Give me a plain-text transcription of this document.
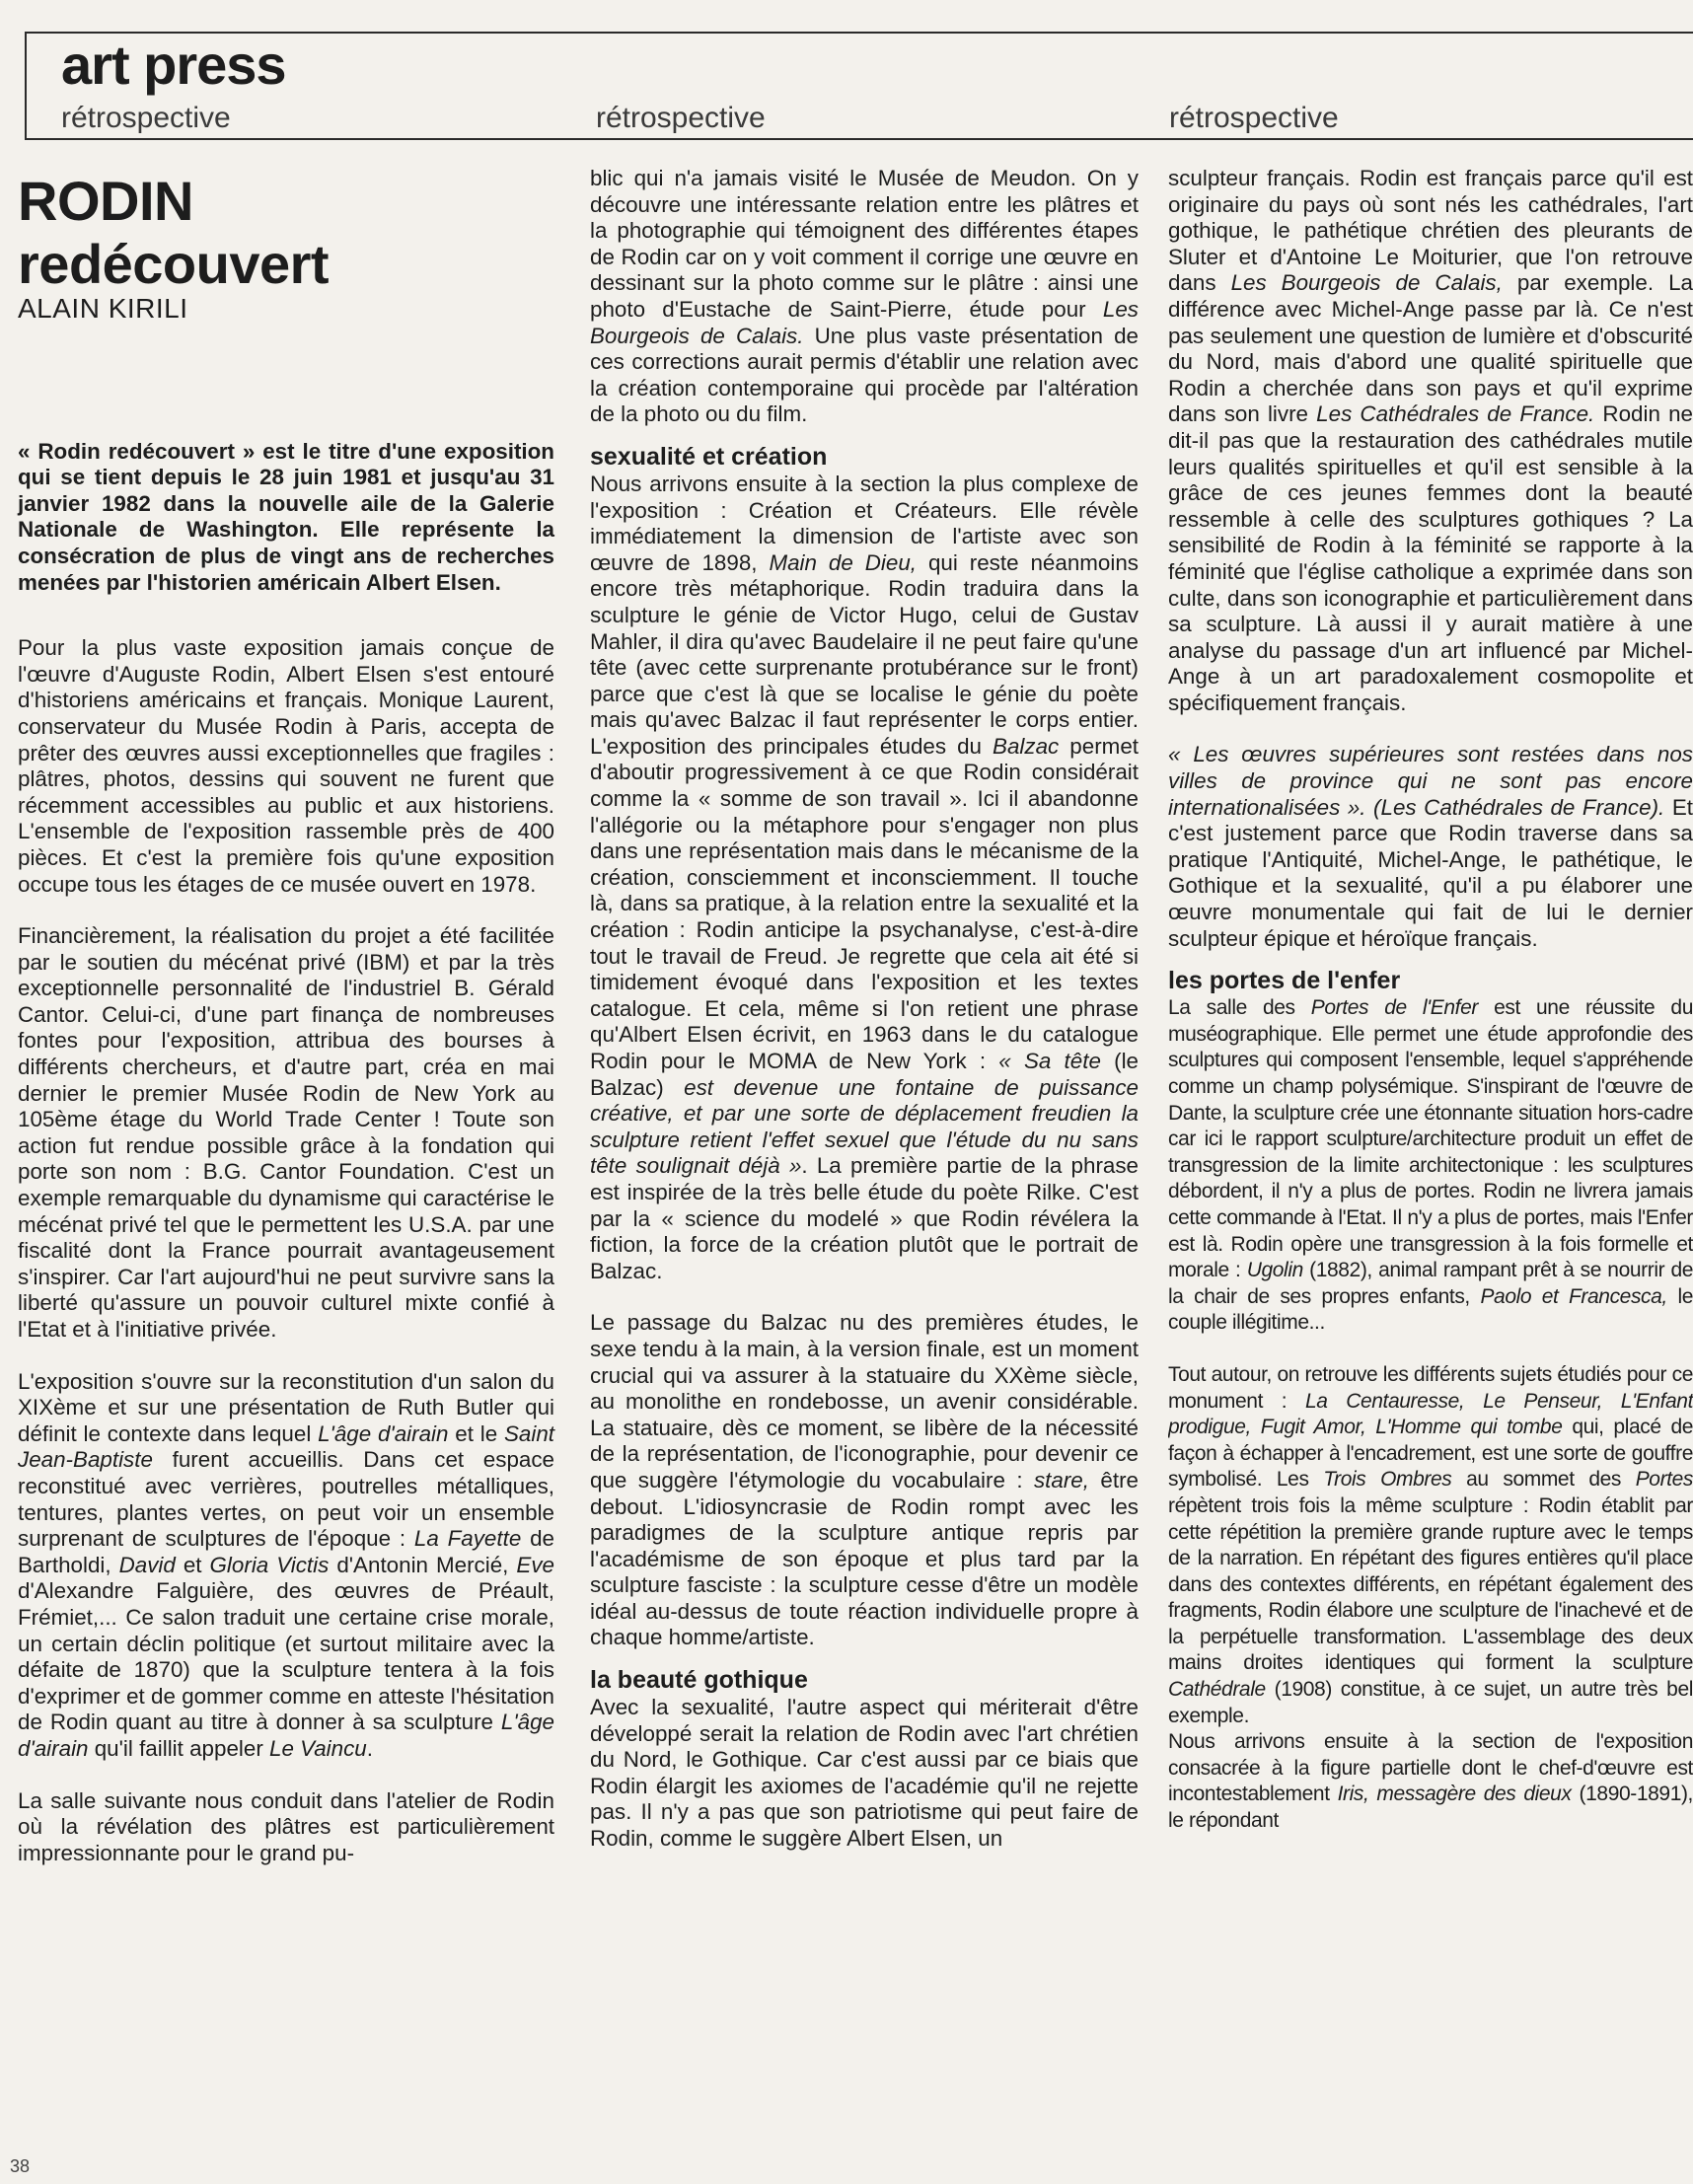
art press
rétrospective	rétrospective	rétrospective
RODIN
redécouvert

ALAIN KIRILI

« Rodin redécouvert » est le titre d'une exposition qui se tient depuis le 28 juin 1981 et jusqu'au 31 janvier 1982 dans la nouvelle aile de la Galerie Nationale de Washington. Elle représente la consécration de plus de vingt ans de recherches menées par l'historien américain Albert Elsen.

Pour la plus vaste exposition jamais conçue de l'œuvre d'Auguste Rodin, Albert Elsen s'est entouré d'historiens américains et français. Monique Laurent, conservateur du Musée Rodin à Paris, accepta de prêter des œuvres aussi exceptionnelles que fragiles : plâtres, photos, dessins qui souvent ne furent que récemment accessibles au public et aux historiens. L'ensemble de l'exposition rassemble près de 400 pièces. Et c'est la première fois qu'une exposition occupe tous les étages de ce musée ouvert en 1978.

Financièrement, la réalisation du projet a été facilitée par le soutien du mécénat privé (IBM) et par la très exceptionnelle personnalité de l'industriel B. Gérald Cantor. Celui-ci, d'une part finança de nombreuses fontes pour l'exposition, attribua des bourses à différents chercheurs, et d'autre part, créa en mai dernier le premier Musée Rodin de New York au 105ème étage du World Trade Center ! Toute son action fut rendue possible grâce à la fondation qui porte son nom : B.G. Cantor Foundation. C'est un exemple remarquable du dynamisme qui caractérise le mécénat privé tel que le permettent les U.S.A. par une fiscalité dont la France pourrait avantageusement s'inspirer. Car l'art aujourd'hui ne peut survivre sans la liberté qu'assure un pouvoir culturel mixte confié à l'Etat et à l'initiative privée.

L'exposition s'ouvre sur la reconstitution d'un salon du XIXème et sur une présentation de Ruth Butler qui définit le contexte dans lequel L'âge d'airain et le Saint Jean-Baptiste furent accueillis. Dans cet espace reconstitué avec verrières, poutrelles métalliques, tentures, plantes vertes, on peut voir un ensemble surprenant de sculptures de l'époque : La Fayette de Bartholdi, David et Gloria Victis d'Antonin Mercié, Eve d'Alexandre Falguière, des œuvres de Préault, Frémiet,... Ce salon traduit une certaine crise morale, un certain déclin politique (et surtout militaire avec la défaite de 1870) que la sculpture tentera à la fois d'exprimer et de gommer comme en atteste l'hésitation de Rodin quant au titre à donner à sa sculpture L'âge d'airain qu'il faillit appeler Le Vaincu.

La salle suivante nous conduit dans l'atelier de Rodin où la révélation des plâtres est particulièrement impressionnante pour le grand pu-

blic qui n'a jamais visité le Musée de Meudon. On y découvre une intéressante relation entre les plâtres et la photographie qui témoignent des différentes étapes de Rodin car on y voit comment il corrige une œuvre en dessinant sur la photo comme sur le plâtre : ainsi une photo d'Eustache de Saint-Pierre, étude pour Les Bourgeois de Calais. Une plus vaste présentation de ces corrections aurait permis d'établir une relation avec la création contemporaine qui procède par l'altération de la photo ou du film.

sexualité et création

Nous arrivons ensuite à la section la plus complexe de l'exposition : Création et Créateurs. Elle révèle immédiatement la dimension de l'artiste avec son œuvre de 1898, Main de Dieu, qui reste néanmoins encore très métaphorique. Rodin traduira dans la sculpture le génie de Victor Hugo, celui de Gustav Mahler, il dira qu'avec Baudelaire il ne peut faire qu'une tête (avec cette surprenante protubérance sur le front) parce que c'est là que se localise le génie du poète mais qu'avec Balzac il faut représenter le corps entier. L'exposition des principales études du Balzac permet d'aboutir progressivement à ce que Rodin considérait comme la « somme de son travail ». Ici il abandonne l'allégorie ou la métaphore pour s'engager non plus dans une représentation mais dans le mécanisme de la création, consciemment et inconsciemment. Il touche là, dans sa pratique, à la relation entre la sexualité et la création : Rodin anticipe la psychanalyse, c'est-à-dire tout le travail de Freud. Je regrette que cela ait été si timidement évoqué dans l'exposition et les textes catalogue. Et cela, même si l'on retient une phrase qu'Albert Elsen écrivit, en 1963 dans le du catalogue Rodin pour le MOMA de New York : « Sa tête (le Balzac) est devenue une fontaine de puissance créative, et par une sorte de déplacement freudien la sculpture retient l'effet sexuel que l'étude du nu sans tête soulignait déjà ». La première partie de la phrase est inspirée de la très belle étude du poète Rilke. C'est par la « science du modelé » que Rodin révélera la fiction, la force de la création plutôt que le portrait de Balzac.

Le passage du Balzac nu des premières études, le sexe tendu à la main, à la version finale, est un moment crucial qui va assurer à la statuaire du XXème siècle, au monolithe en rondebosse, un avenir considérable. La statuaire, dès ce moment, se libère de la nécessité de la représentation, de l'iconographie, pour devenir ce que suggère l'étymologie du vocabulaire : stare, être debout. L'idiosyncrasie de Rodin rompt avec les paradigmes de la sculpture antique repris par l'académisme de son époque et plus tard par la sculpture fasciste : la sculpture cesse d'être un modèle idéal au-dessus de toute réaction individuelle propre à chaque homme/artiste.

la beauté gothique

Avec la sexualité, l'autre aspect qui mériterait d'être développé serait la relation de Rodin avec l'art chrétien du Nord, le Gothique. Car c'est aussi par ce biais que Rodin élargit les axiomes de l'académie qu'il ne rejette pas. Il n'y a pas que son patriotisme qui peut faire de Rodin, comme le suggère Albert Elsen, un

sculpteur français. Rodin est français parce qu'il est originaire du pays où sont nés les cathédrales, l'art gothique, le pathétique chrétien des pleurants de Sluter et d'Antoine Le Moiturier, que l'on retrouve dans Les Bourgeois de Calais, par exemple. La différence avec Michel-Ange passe par là. Ce n'est pas seulement une question de lumière et d'obscurité du Nord, mais d'abord une qualité spirituelle que Rodin a cherchée dans son pays et qu'il exprime dans son livre Les Cathédrales de France. Rodin ne dit-il pas que la restauration des cathédrales mutile leurs qualités spirituelles et qu'il est sensible à la grâce de ces jeunes femmes dont la beauté ressemble à celle des sculptures gothiques ? La sensibilité de Rodin à la féminité se rapporte à la féminité que l'église catholique a exprimée dans son culte, dans son iconographie et particulièrement dans sa sculpture. Là aussi il y aurait matière à une analyse du passage d'un art influencé par Michel-Ange à un art paradoxalement cosmopolite et spécifiquement français.

« Les œuvres supérieures sont restées dans nos villes de province qui ne sont pas encore internationalisées ». (Les Cathédrales de France). Et c'est justement parce que Rodin traverse dans sa pratique l'Antiquité, Michel-Ange, le pathétique, le Gothique et la sexualité, qu'il a pu élaborer une œuvre monumentale qui fait de lui le dernier sculpteur épique et héroïque français.

les portes de l'enfer

La salle des Portes de l'Enfer est une réussite du muséographique. Elle permet une étude approfondie des sculptures qui composent l'ensemble, lequel s'appréhende comme un champ polysémique. S'inspirant de l'œuvre de Dante, la sculpture crée une étonnante situation hors-cadre car ici le rapport sculpture/architecture produit un effet de transgression de la limite architectonique : les sculptures débordent, il n'y a plus de portes. Rodin ne livrera jamais cette commande à l'Etat. Il n'y a plus de portes, mais l'Enfer est là. Rodin opère une transgression à la fois formelle et morale : Ugolin (1882), animal rampant prêt à se nourrir de la chair de ses propres enfants, Paolo et Francesca, le couple illégitime...

Tout autour, on retrouve les différents sujets étudiés pour ce monument : La Centauresse, Le Penseur, L'Enfant prodigue, Fugit Amor, L'Homme qui tombe qui, placé de façon à échapper à l'encadrement, est une sorte de gouffre symbolisé. Les Trois Ombres au sommet des Portes répètent trois fois la même sculpture : Rodin établit par cette répétition la première grande rupture avec le temps de la narration. En répétant des figures entières qu'il place dans des contextes différents, en répétant également des fragments, Rodin élabore une sculpture de l'inachevé et de la perpétuelle transformation. L'assemblage des deux mains droites identiques qui forment la sculpture Cathédrale (1908) constitue, à ce sujet, un autre très bel exemple.

Nous arrivons ensuite à la section de l'exposition consacrée à la figure partielle dont le chef-d'œuvre est incontestablement Iris, messagère des dieux (1890-1891), le répondant

38
